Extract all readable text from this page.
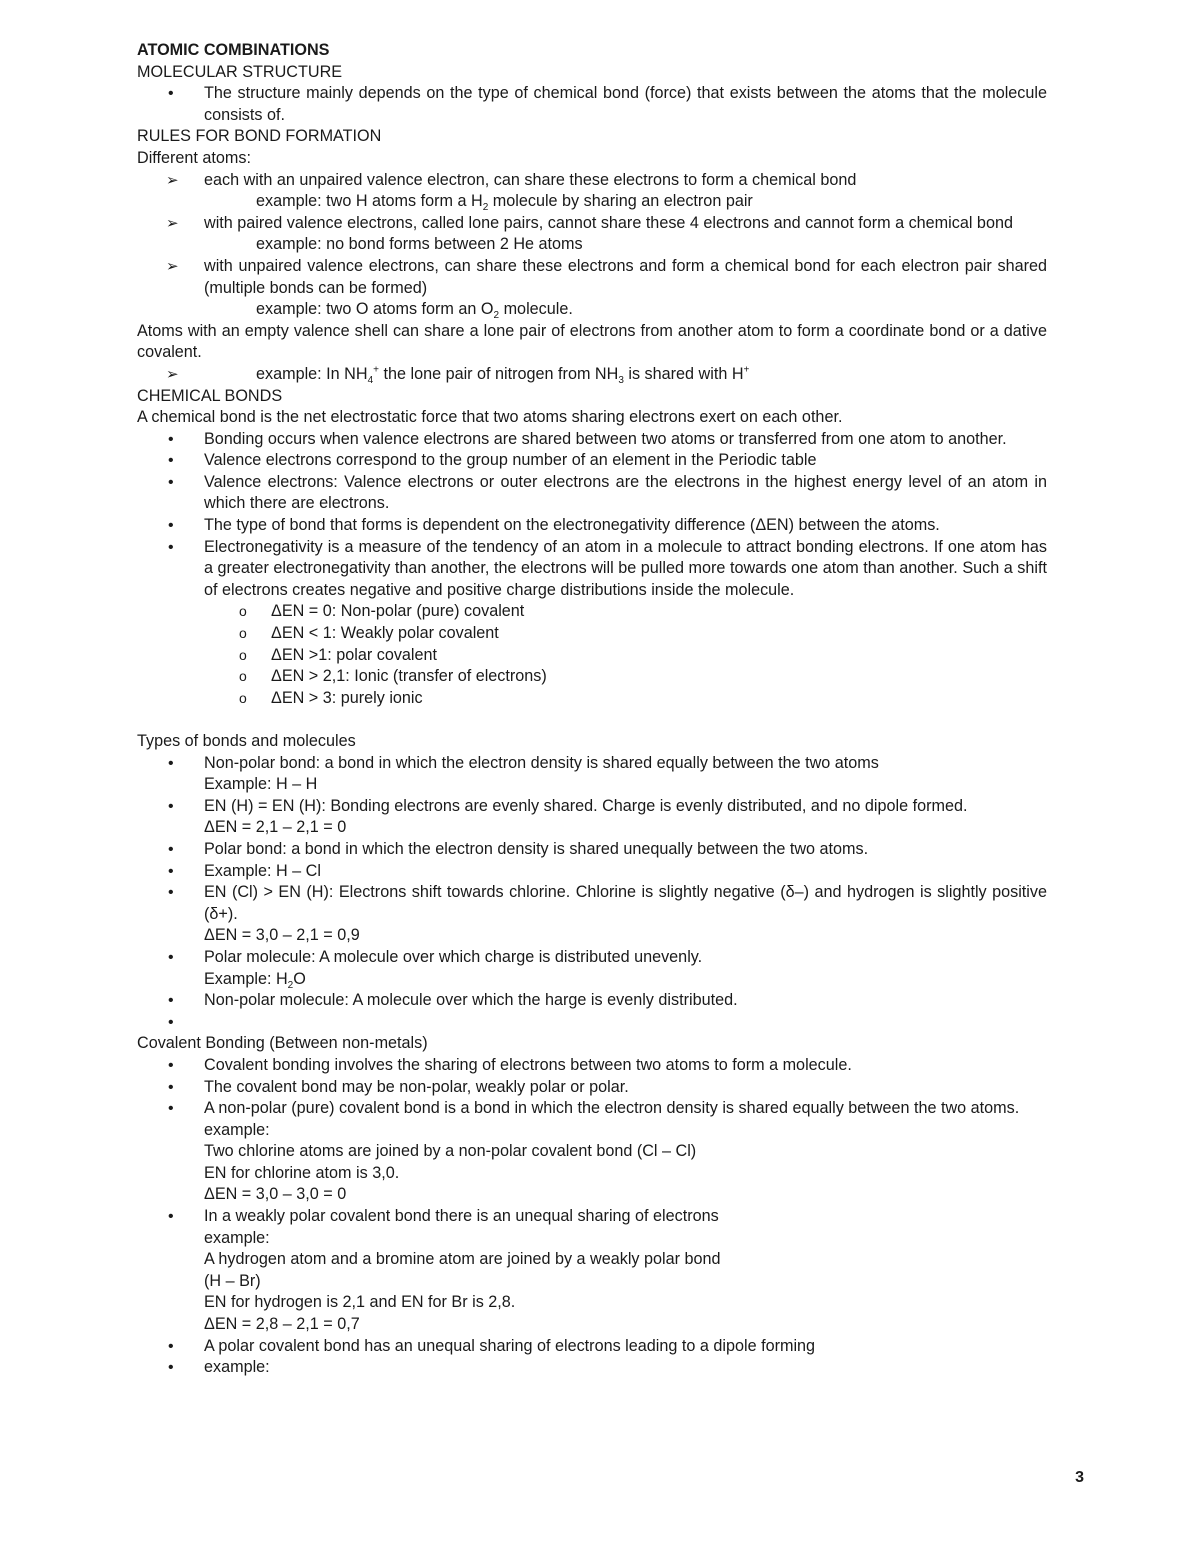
ATOMIC COMBINATIONS
MOLECULAR STRUCTURE
• The structure mainly depends on the type of chemical bond (force) that exists between the atoms that the molecule consists of.
RULES FOR BOND FORMATION
Different atoms:
➢ each with an unpaired valence electron, can share these electrons to form a chemical bond
example: two H atoms form a $H_2$ molecule by sharing an electron pair
➢ with paired valence electrons, called lone pairs, cannot share these 4 electrons and cannot form a chemical bond
example: no bond forms between 2 He atoms
➢ with unpaired valence electrons, can share these electrons and form a chemical bond for each electron pair shared (multiple bonds can be formed)
example: two O atoms form an $O_2$ molecule.
Atoms with an empty valence shell can share a lone pair of electrons from another atom to form a coordinate bond or a dative covalent.
➢ example: In $NH_4^+$ the lone pair of nitrogen from $NH_3$ is shared with H+
CHEMICAL BONDS
A chemical bond is the net electrostatic force that two atoms sharing electrons exert on each other.
• Bonding occurs when valence electrons are shared between two atoms or transferred from one atom to another.
• Valence electrons correspond to the group number of an element in the Periodic table
• Valence electrons: Valence electrons or outer electrons are the electrons in the highest energy level of an atom in which there are electrons.
• The type of bond that forms is dependent on the electronegativity difference (ΔEN) between the atoms.
• Electronegativity is a measure of the tendency of an atom in a molecule to attract bonding electrons. If one atom has a greater electronegativity than another, the electrons will be pulled more towards one atom than another. Such a shift of electrons creates negative and positive charge distributions inside the molecule.
o ΔEN = 0: Non-polar (pure) covalent
o ΔEN < 1: Weakly polar covalent
o ΔEN >1: polar covalent
o ΔEN > 2,1: Ionic (transfer of electrons)
o ΔEN > 3: purely ionic
Types of bonds and molecules
• Non-polar bond: a bond in which the electron density is shared equally between the two atoms
Example: H – H
• EN (H) = EN (H): Bonding electrons are evenly shared. Charge is evenly distributed, and no dipole formed.
ΔEN = 2,1 – 2,1 = 0
• Polar bond: a bond in which the electron density is shared unequally between the two atoms.
• Example: H – Cl
• EN (Cl) > EN (H): Electrons shift towards chlorine. Chlorine is slightly negative (δ–) and hydrogen is slightly positive (δ+).
ΔEN = 3,0 – 2,1 = 0,9
• Polar molecule: A molecule over which charge is distributed unevenly.
Example: $H_2O$
• Non-polar molecule: A molecule over which the harge is evenly distributed.
•
Covalent Bonding (Between non-metals)
• Covalent bonding involves the sharing of electrons between two atoms to form a molecule.
• The covalent bond may be non-polar, weakly polar or polar.
• A non-polar (pure) covalent bond is a bond in which the electron density is shared equally between the two atoms.
example:
Two chlorine atoms are joined by a non-polar covalent bond (Cl – Cl)
EN for chlorine atom is 3,0.
ΔEN = 3,0 – 3,0 = 0
• In a weakly polar covalent bond there is an unequal sharing of electrons
example:
A hydrogen atom and a bromine atom are joined by a weakly polar bond
(H – Br)
EN for hydrogen is 2,1 and EN for Br is 2,8.
ΔEN = 2,8 – 2,1 = 0,7
• A polar covalent bond has an unequal sharing of electrons leading to a dipole forming
• example:
3
